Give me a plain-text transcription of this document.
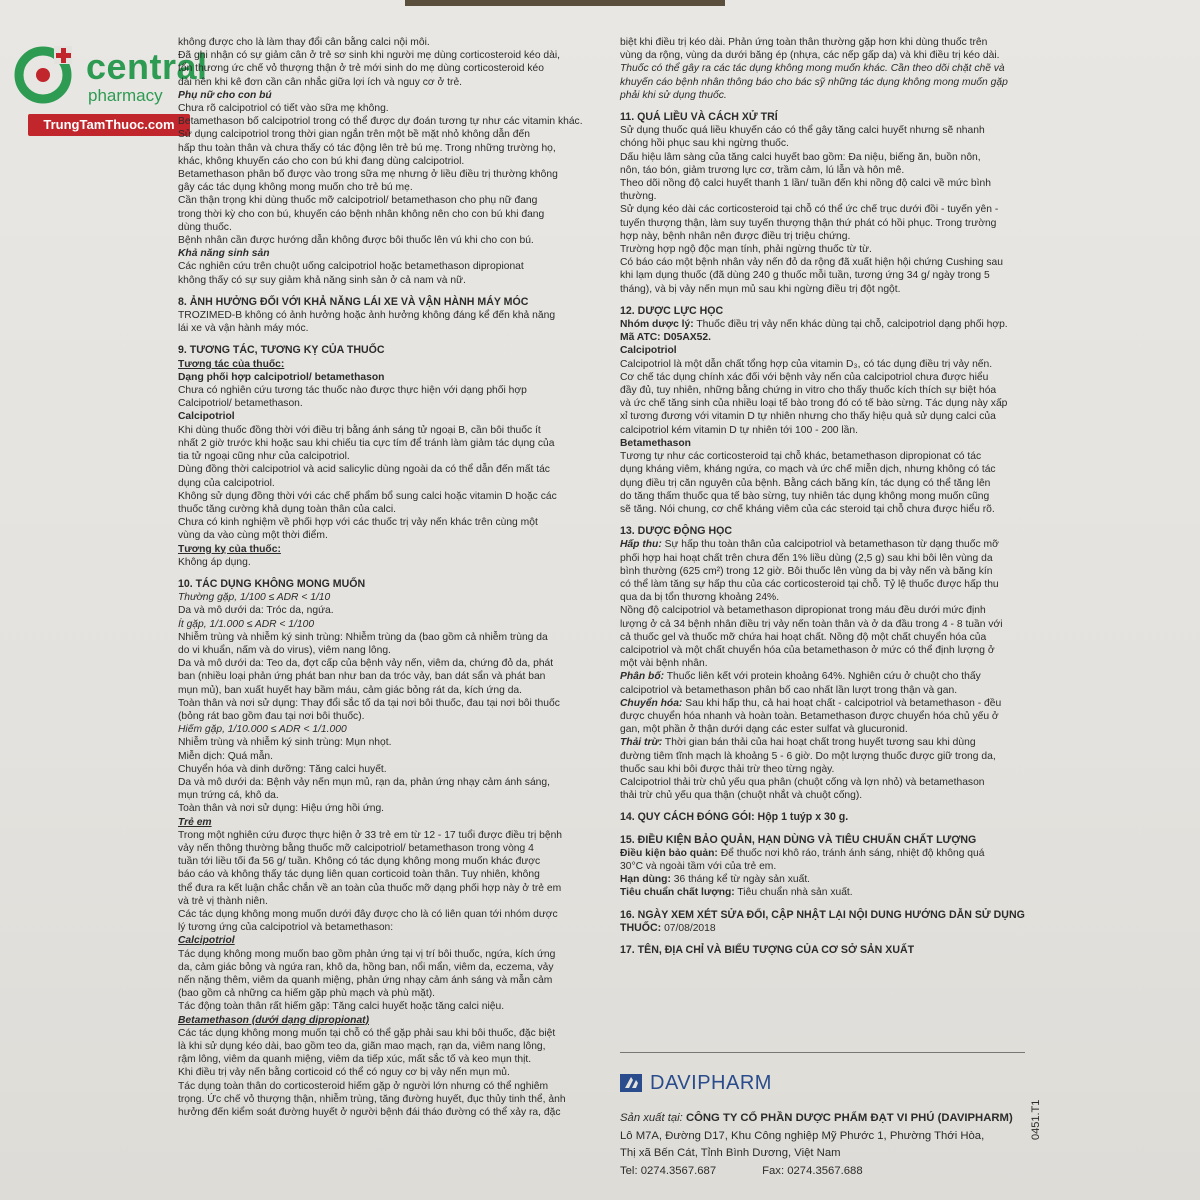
central
pharmacy
TrungTamThuoc.com

không được cho là làm thay đổi cân bằng calci nội môi.

Đã ghi nhận có sự giảm cân ở trẻ sơ sinh khi người mẹ dùng corticosteroid kéo dài,

tổn thương ức chế vỏ thượng thận ở trẻ mới sinh do mẹ dùng corticosteroid kéo

dài nên khi kê đơn cần cân nhắc giữa lợi ích và nguy cơ ở trẻ.

Phụ nữ cho con bú

Chưa rõ calcipotriol có tiết vào sữa mẹ không.

Betamethason bố calcipotriol trong có thể được dự đoán tương tự như các vitamin khác.

Sử dụng calcipotriol trong thời gian ngắn trên một bề mặt nhỏ không dẫn đến

hấp thu toàn thân và chưa thấy có tác động lên trẻ bú mẹ. Trong những trường họ,

khác, không khuyến cáo cho con bú khi đang dùng calcipotriol.

Betamethason phân bố được vào trong sữa mẹ nhưng ở liều điều trị thường không

gây các tác dụng không mong muốn cho trẻ bú mẹ.

Cần thận trọng khi dùng thuốc mỡ calcipotriol/ betamethason cho phụ nữ đang

trong thời kỳ cho con bú, khuyến cáo bệnh nhân không nên cho con bú khi đang

dùng thuốc.

Bệnh nhân cần được hướng dẫn không được bôi thuốc lên vú khi cho con bú.

Khả năng sinh sản

Các nghiên cứu trên chuột uống calcipotriol hoặc betamethason dipropionat

không thấy có sự suy giảm khả năng sinh sản ở cả nam và nữ.

8. ẢNH HƯỞNG ĐỐI VỚI KHẢ NĂNG LÁI XE VÀ VẬN HÀNH MÁY MÓC

TROZIMED-B không có ảnh hưởng hoặc ảnh hưởng không đáng kể đến khả năng

lái xe và vận hành máy móc.

9. TƯƠNG TÁC, TƯƠNG KỴ CỦA THUỐC

Tương tác của thuốc:

Dạng phối hợp calcipotriol/ betamethason

Chưa có nghiên cứu tương tác thuốc nào được thực hiện với dạng phối hợp

Calcipotriol/ betamethason.

Calcipotriol

Khi dùng thuốc đồng thời với điều trị bằng ánh sáng tử ngoại B, cần bôi thuốc ít

nhất 2 giờ trước khi hoặc sau khi chiếu tia cực tím để tránh làm giảm tác dụng của

tia tử ngoại cũng như của calcipotriol.

Dùng đồng thời calcipotriol và acid salicylic dùng ngoài da có thể dẫn đến mất tác

dụng của calcipotriol.

Không sử dụng đồng thời với các chế phẩm bổ sung calci hoặc vitamin D hoặc các

thuốc tăng cường khả dụng toàn thân của calci.

Chưa có kinh nghiệm về phối hợp với các thuốc trị vảy nến khác trên cùng một

vùng da vào cùng một thời điểm.

Tương kỵ của thuốc:

Không áp dụng.

10. TÁC DỤNG KHÔNG MONG MUỐN

Thường gặp, 1/100 ≤ ADR < 1/10

Da và mô dưới da: Tróc da, ngứa.

Ít gặp, 1/1.000 ≤ ADR < 1/100

Nhiễm trùng và nhiễm ký sinh trùng: Nhiễm trùng da (bao gồm cả nhiễm trùng da

do vi khuẩn, nấm và do virus), viêm nang lông.

Da và mô dưới da: Teo da, đợt cấp của bệnh vảy nến, viêm da, chứng đỏ da, phát

ban (nhiều loại phản ứng phát ban như ban da tróc vảy, ban dát sẩn và phát ban

mụn mủ), ban xuất huyết hay bầm máu, cảm giác bỏng rát da, kích ứng da.

Toàn thân và nơi sử dụng: Thay đổi sắc tố da tại nơi bôi thuốc, đau tại nơi bôi thuốc

(bỏng rát bao gồm đau tại nơi bôi thuốc).

Hiếm gặp, 1/10.000 ≤ ADR < 1/1.000

Nhiễm trùng và nhiễm ký sinh trùng: Mụn nhọt.

Miễn dịch: Quá mẫn.

Chuyển hóa và dinh dưỡng: Tăng calci huyết.

Da và mô dưới da: Bệnh vảy nến mụn mủ, rạn da, phản ứng nhạy cảm ánh sáng,

mụn trứng cá, khô da.

Toàn thân và nơi sử dụng: Hiệu ứng hồi ứng.

Trẻ em

Trong một nghiên cứu được thực hiện ở 33 trẻ em từ 12 - 17 tuổi được điều trị bệnh

vảy nến thông thường bằng thuốc mỡ calcipotriol/ betamethason trong vòng 4

tuần tới liều tối đa 56 g/ tuần. Không có tác dụng không mong muốn khác được

báo cáo và không thấy tác dụng liên quan corticoid toàn thân. Tuy nhiên, không

thể đưa ra kết luận chắc chắn về an toàn của thuốc mỡ dạng phối hợp này ở trẻ em

và trẻ vị thành niên.

Các tác dụng không mong muốn dưới đây được cho là có liên quan tới nhóm dược

lý tương ứng của calcipotriol và betamethason:

Calcipotriol

Tác dụng không mong muốn bao gồm phản ứng tại vị trí bôi thuốc, ngứa, kích ứng

da, cảm giác bỏng và ngứa ran, khô da, hồng ban, nổi mẩn, viêm da, eczema, vảy

nến nặng thêm, viêm da quanh miệng, phản ứng nhạy cảm ánh sáng và mẫn cảm

(bao gồm cả những ca hiếm gặp phù mạch và phù mặt).

Tác động toàn thân rất hiếm gặp: Tăng calci huyết hoặc tăng calci niệu.

Betamethason (dưới dạng dipropionat)

Các tác dụng không mong muốn tại chỗ có thể gặp phải sau khi bôi thuốc, đặc biệt

là khi sử dụng kéo dài, bao gồm teo da, giãn mao mạch, rạn da, viêm nang lông,

rậm lông, viêm da quanh miệng, viêm da tiếp xúc, mất sắc tố và keo mụn thịt.

Khi điều trị vảy nến bằng corticoid có thể có nguy cơ bị vảy nến mụn mủ.

Tác dụng toàn thân do corticosteroid hiếm gặp ở người lớn nhưng có thể nghiêm

trọng. Ức chế vỏ thượng thận, nhiễm trùng, tăng đường huyết, đục thủy tinh thể, ảnh

hưởng đến kiểm soát đường huyết ở người bệnh đái tháo đường có thể xảy ra, đặc

biệt khi điều trị kéo dài. Phản ứng toàn thân thường gặp hơn khi dùng thuốc trên

vùng da rộng, vùng da dưới băng ép (nhựa, các nếp gấp da) và khi điều trị kéo dài.

Thuốc có thể gây ra các tác dụng không mong muốn khác. Cần theo dõi chặt chẽ và

khuyến cáo bệnh nhân thông báo cho bác sỹ những tác dụng không mong muốn gặp

phải khi sử dụng thuốc.

11. QUÁ LIỀU VÀ CÁCH XỬ TRÍ

Sử dụng thuốc quá liều khuyến cáo có thể gây tăng calci huyết nhưng sẽ nhanh

chóng hồi phục sau khi ngừng thuốc.

Dấu hiệu lâm sàng của tăng calci huyết bao gồm: Đa niệu, biếng ăn, buồn nôn,

nôn, táo bón, giảm trương lực cơ, trầm cảm, lú lẫn và hôn mê.

Theo dõi nồng độ calci huyết thanh 1 lần/ tuần đến khi nồng độ calci về mức bình thường.

Sử dụng kéo dài các corticosteroid tại chỗ có thể ức chế trục dưới đồi - tuyến yên -

tuyến thượng thận, làm suy tuyến thượng thận thứ phát có hồi phục. Trong trường

hợp này, bệnh nhân nên được điều trị triệu chứng.

Trường hợp ngộ độc mạn tính, phải ngừng thuốc từ từ.

Có báo cáo một bệnh nhân vảy nến đỏ da rộng đã xuất hiện hội chứng Cushing sau

khi lạm dụng thuốc (đã dùng 240 g thuốc mỗi tuần, tương ứng 34 g/ ngày trong 5

tháng), và bị vảy nến mụn mủ sau khi ngừng điều trị đột ngột.

12. DƯỢC LỰC HỌC

Nhóm dược lý: Thuốc điều trị vảy nến khác dùng tại chỗ, calcipotriol dạng phối hợp.

Mã ATC: D05AX52.

Calcipotriol

Calcipotriol là một dẫn chất tổng hợp của vitamin D₃, có tác dụng điều trị vảy nến.

Cơ chế tác dụng chính xác đối với bệnh vảy nến của calcipotriol chưa được hiểu

đầy đủ, tuy nhiên, những bằng chứng in vitro cho thấy thuốc kích thích sự biệt hóa

và ức chế tăng sinh của nhiều loại tế bào trong đó có tế bào sừng. Tác dụng này xấp

xỉ tương đương với vitamin D tự nhiên nhưng cho thấy hiệu quả sử dụng calci của

calcipotriol kém vitamin D tự nhiên tới 100 - 200 lần.

Betamethason

Tương tự như các corticosteroid tại chỗ khác, betamethason dipropionat có tác

dụng kháng viêm, kháng ngứa, co mạch và ức chế miễn dịch, nhưng không có tác

dụng điều trị căn nguyên của bệnh. Bằng cách băng kín, tác dụng có thể tăng lên

do tăng thấm thuốc qua tế bào sừng, tuy nhiên tác dụng không mong muốn cũng

sẽ tăng. Nói chung, cơ chế kháng viêm của các steroid tại chỗ chưa được hiểu rõ.

13. DƯỢC ĐỘNG HỌC

Hấp thu: Sự hấp thu toàn thân của calcipotriol và betamethason từ dạng thuốc mỡ

phối hợp hai hoạt chất trên chưa đến 1% liều dùng (2,5 g) sau khi bôi lên vùng da

bình thường (625 cm²) trong 12 giờ. Bôi thuốc lên vùng da bị vảy nến và băng kín

có thể làm tăng sự hấp thu của các corticosteroid tại chỗ. Tỷ lệ thuốc được hấp thu

qua da bị tổn thương khoảng 24%.

Nồng độ calcipotriol và betamethason dipropionat trong máu đều dưới mức định

lượng ở cả 34 bệnh nhân điều trị vảy nến toàn thân và ở da đầu trong 4 - 8 tuần với

cả thuốc gel và thuốc mỡ chứa hai hoạt chất. Nồng độ một chất chuyển hóa của

calcipotriol và một chất chuyển hóa của betamethason ở mức có thể định lượng ở

một vài bệnh nhân.

Phân bố: Thuốc liên kết với protein khoảng 64%. Nghiên cứu ở chuột cho thấy

calcipotriol và betamethason phân bố cao nhất lần lượt trong thận và gan.

Chuyển hóa: Sau khi hấp thu, cả hai hoạt chất - calcipotriol và betamethason - đều

được chuyển hóa nhanh và hoàn toàn. Betamethason được chuyển hóa chủ yếu ở

gan, một phần ở thận dưới dạng các ester sulfat và glucuronid.

Thải trừ: Thời gian bán thải của hai hoạt chất trong huyết tương sau khi dùng

đường tiêm tĩnh mạch là khoảng 5 - 6 giờ. Do một lượng thuốc được giữ trong da,

thuốc sau khi bôi được thải trừ theo từng ngày.

Calcipotriol thải trừ chủ yếu qua phân (chuột cống và lợn nhỏ) và betamethason

thải trừ chủ yếu qua thận (chuột nhắt và chuột cống).

14. QUY CÁCH ĐÓNG GÓI: Hộp 1 tuýp x 30 g.

15. ĐIỀU KIỆN BẢO QUẢN, HẠN DÙNG VÀ TIÊU CHUẨN CHẤT LƯỢNG

Điều kiện bảo quản: Để thuốc nơi khô ráo, tránh ánh sáng, nhiệt độ không quá

30°C và ngoài tầm với của trẻ em.

Hạn dùng: 36 tháng kể từ ngày sản xuất.

Tiêu chuẩn chất lượng: Tiêu chuẩn nhà sản xuất.

16. NGÀY XEM XÉT SỬA ĐỔI, CẬP NHẬT LẠI NỘI DUNG HƯỚNG DẪN SỬ DỤNG

THUỐC: 07/08/2018

17. TÊN, ĐỊA CHỈ VÀ BIỂU TƯỢNG CỦA CƠ SỞ SẢN XUẤT

DAVIPHARM
Sản xuất tại: CÔNG TY CỔ PHẦN DƯỢC PHẨM ĐẠT VI PHÚ (DAVIPHARM)
Lô M7A, Đường D17, Khu Công nghiệp Mỹ Phước 1, Phường Thới Hòa,
Thị xã Bến Cát, Tỉnh Bình Dương, Việt Nam
Tel: 0274.3567.687	Fax: 0274.3567.688
0451.T1
